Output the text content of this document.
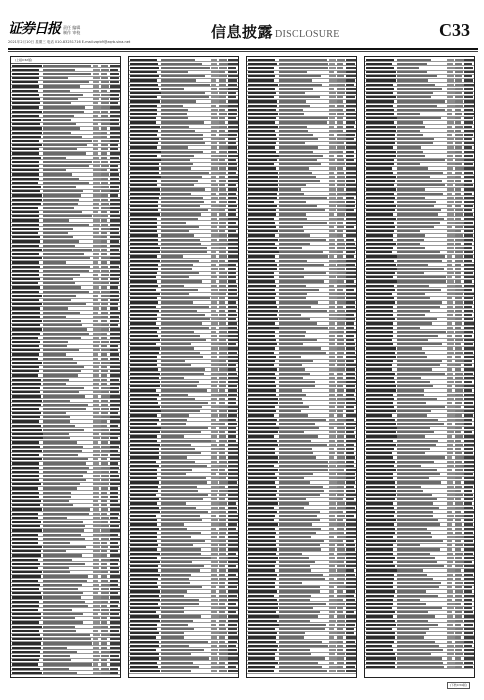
证券日报 责任 编辑
制作 审校
2021年2月10日 星期三 电话 010-83251716 E-mail:zqrb9@zqrb.sina.net
信息披露 DISCLOSURE	C33
(上接C32版)
(下转C34版)
